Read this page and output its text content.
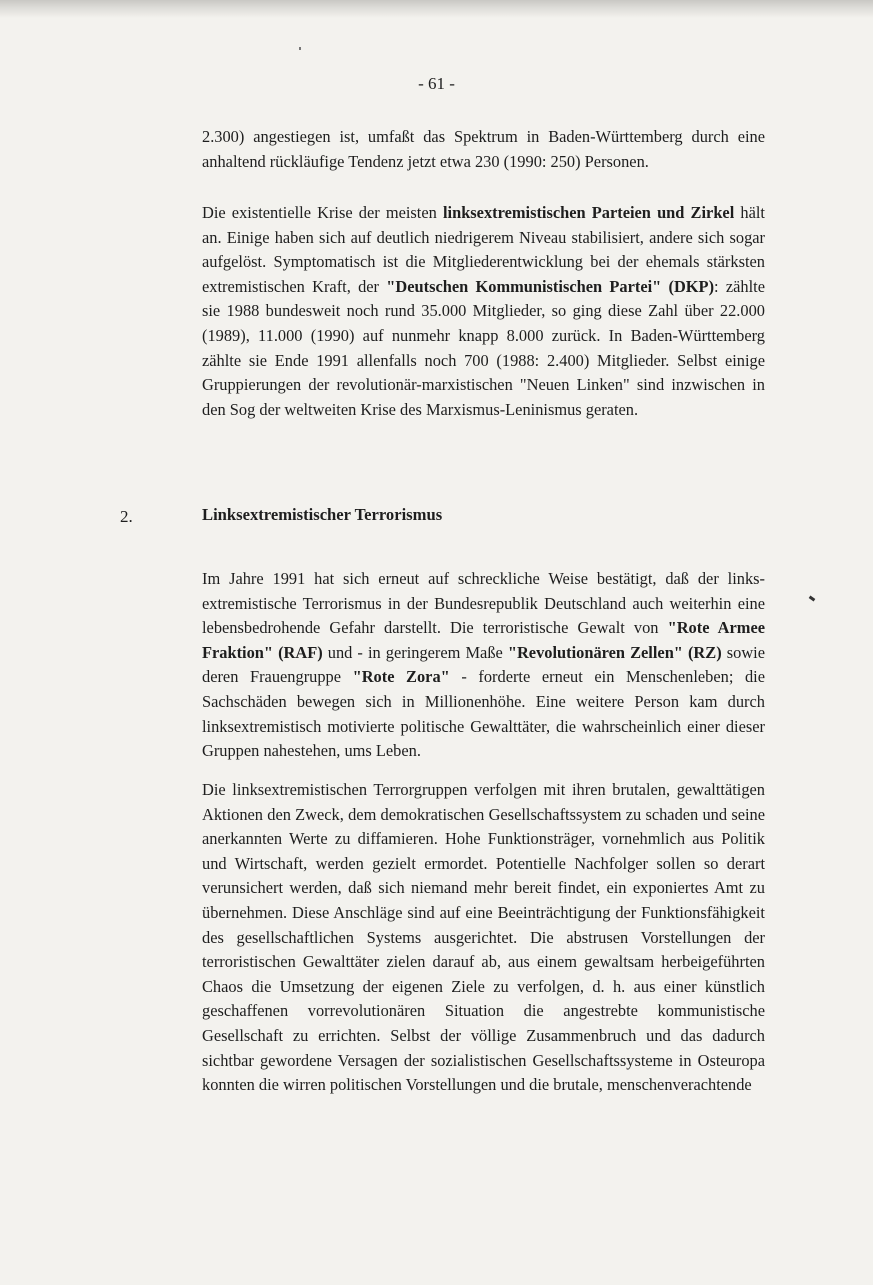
- 61 -

2.300) angestiegen ist, umfaßt das Spektrum in Baden-Württemberg durch eine anhaltend rückläufige Tendenz jetzt etwa 230 (1990: 250) Personen.

Die existentielle Krise der meisten linksextremistischen Parteien und Zirkel hält an. Einige haben sich auf deutlich niedrigerem Niveau stabilisiert, andere sich sogar aufgelöst. Symptomatisch ist die Mitgliederentwicklung bei der ehemals stärksten extremistischen Kraft, der "Deutschen Kommunistischen Partei" (DKP): zählte sie 1988 bundesweit noch rund 35.000 Mitglieder, so ging diese Zahl über 22.000 (1989), 11.000 (1990) auf nunmehr knapp 8.000 zurück. In Baden-Württemberg zählte sie Ende 1991 allenfalls noch 700 (1988: 2.400) Mitglieder. Selbst einige Gruppierungen der revolutionär-marxistischen "Neuen Linken" sind inzwischen in den Sog der weltweiten Krise des Marxismus-Leninismus geraten.

2.	Linksextremistischer Terrorismus

Im Jahre 1991 hat sich erneut auf schreckliche Weise bestätigt, daß der linksextremistische Terrorismus in der Bundesrepublik Deutschland auch weiterhin eine lebensbedrohende Gefahr darstellt. Die terroristische Gewalt von "Rote Armee Fraktion" (RAF) und - in geringerem Maße "Revolutionären Zellen" (RZ) sowie deren Frauengruppe "Rote Zora" - forderte erneut ein Menschenleben; die Sachschäden bewegen sich in Millionenhöhe. Eine weitere Person kam durch linksextremistisch motivierte politische Gewalttäter, die wahrscheinlich einer dieser Gruppen nahestehen, ums Leben.

Die linksextremistischen Terrorgruppen verfolgen mit ihren brutalen, gewalttätigen Aktionen den Zweck, dem demokratischen Gesellschaftssystem zu schaden und seine anerkannten Werte zu diffamieren. Hohe Funktionsträger, vornehmlich aus Politik und Wirtschaft, werden gezielt ermordet. Potentielle Nachfolger sollen so derart verunsichert werden, daß sich niemand mehr bereit findet, ein exponiertes Amt zu übernehmen. Diese Anschläge sind auf eine Beeinträchtigung der Funktionsfähigkeit des gesellschaftlichen Systems ausgerichtet. Die abstrusen Vorstellungen der terroristischen Gewalttäter zielen darauf ab, aus einem gewaltsam herbeigeführten Chaos die Umsetzung der eigenen Ziele zu verfolgen, d. h. aus einer künstlich geschaffenen vorrevolutionären Situation die angestrebte kommunistische Gesellschaft zu errichten. Selbst der völlige Zusammenbruch und das dadurch sichtbar gewordene Versagen der sozialistischen Gesellschaftssysteme in Osteuropa konnten die wirren politischen Vorstellungen und die brutale, menschenverachtende
